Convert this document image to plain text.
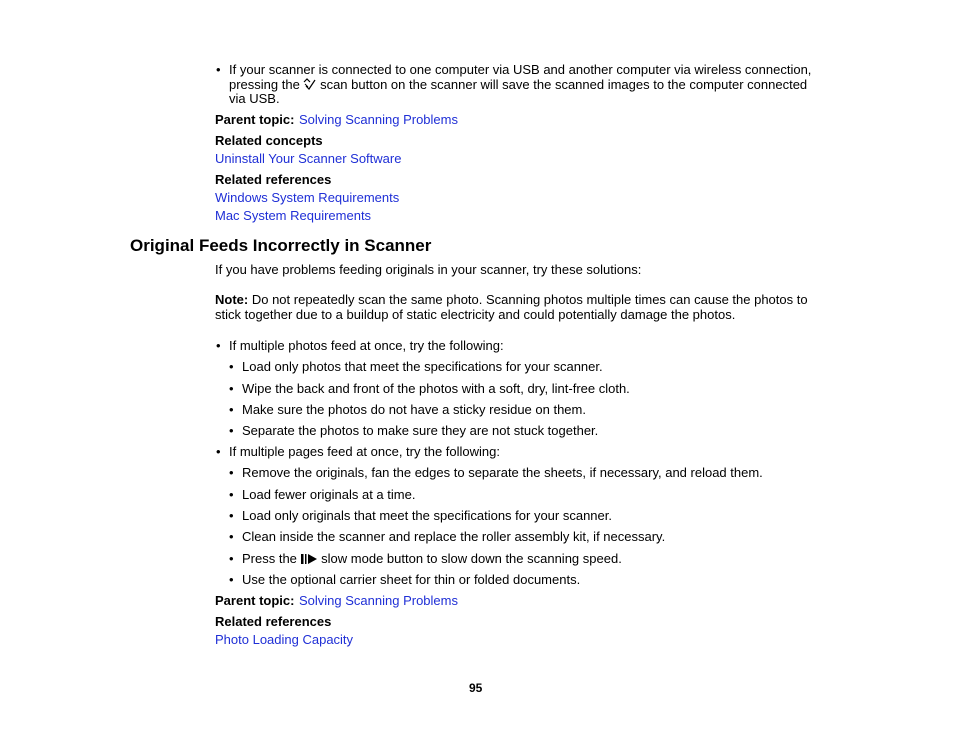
• If your scanner is connected to one computer via USB and another computer via wireless connection,
pressing the scan button on the scanner will save the scanned images to the computer connected
via USB.
Parent topic: Solving Scanning Problems
Related concepts
Uninstall Your Scanner Software
Related references
Windows System Requirements
Mac System Requirements
Original Feeds Incorrectly in Scanner
If you have problems feeding originals in your scanner, try these solutions:
Note: Do not repeatedly scan the same photo. Scanning photos multiple times can cause the photos to
stick together due to a buildup of static electricity and could potentially damage the photos.
• If multiple photos feed at once, try the following:
• Load only photos that meet the specifications for your scanner.
• Wipe the back and front of the photos with a soft, dry, lint-free cloth.
• Make sure the photos do not have a sticky residue on them.
• Separate the photos to make sure they are not stuck together.
• If multiple pages feed at once, try the following:
• Remove the originals, fan the edges to separate the sheets, if necessary, and reload them.
• Load fewer originals at a time.
• Load only originals that meet the specifications for your scanner.
• Clean inside the scanner and replace the roller assembly kit, if necessary.
• Press the slow mode button to slow down the scanning speed.
• Use the optional carrier sheet for thin or folded documents.
Parent topic: Solving Scanning Problems
Related references
Photo Loading Capacity
95
